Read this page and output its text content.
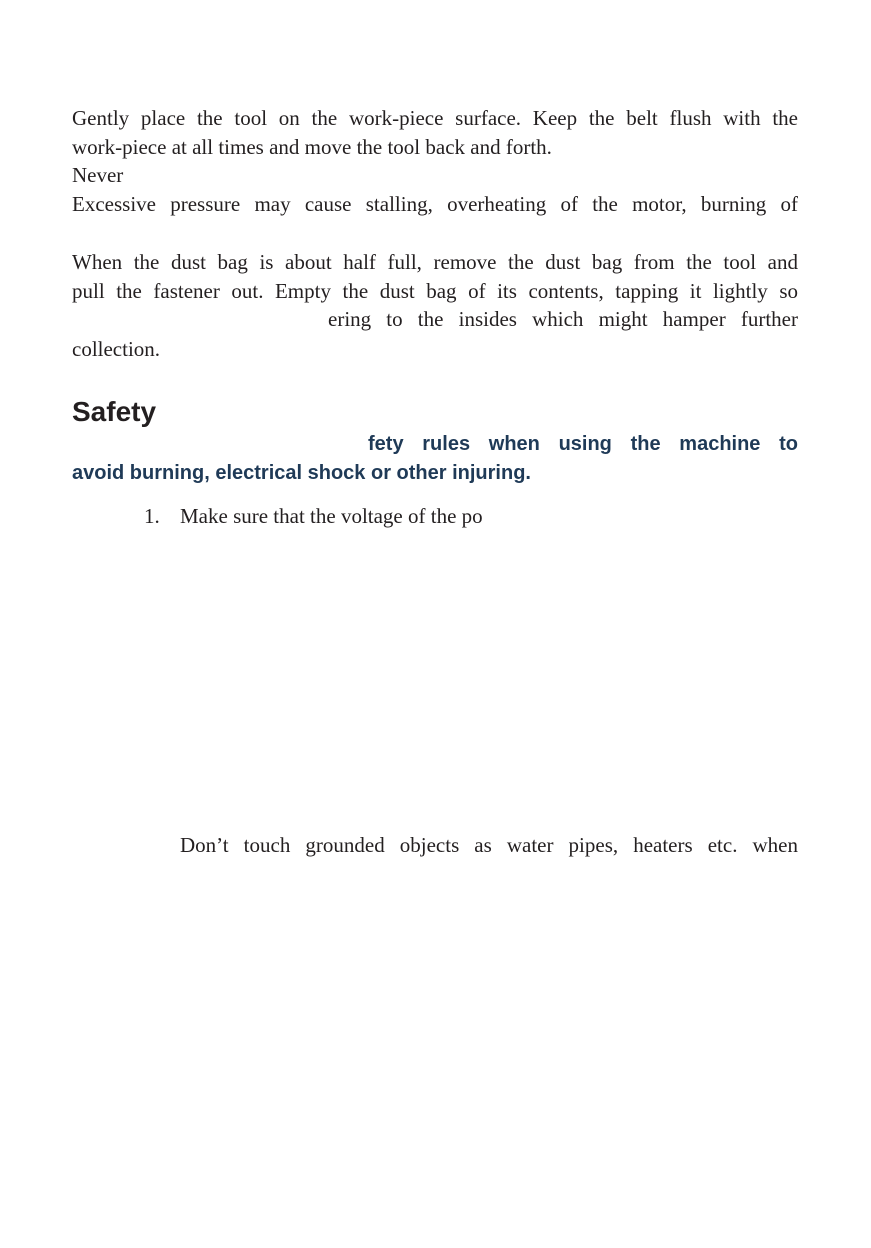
Gently place the tool on the work-piece surface. Keep the belt flush with the
work-piece at all times and move the tool back and forth.
Never
Excessive pressure may cause stalling, overheating of the motor, burning of
When the dust bag is about half full, remove the dust bag from the tool and
pull the fastener out. Empty the dust bag of its contents, tapping it lightly so
ering to the insides which might hamper further
collection.
Safety
fety rules when using the machine to
avoid burning, electrical shock or other injuring.
1. Make sure that the voltage of the po
Don’t touch grounded objects as water pipes, heaters etc. when
